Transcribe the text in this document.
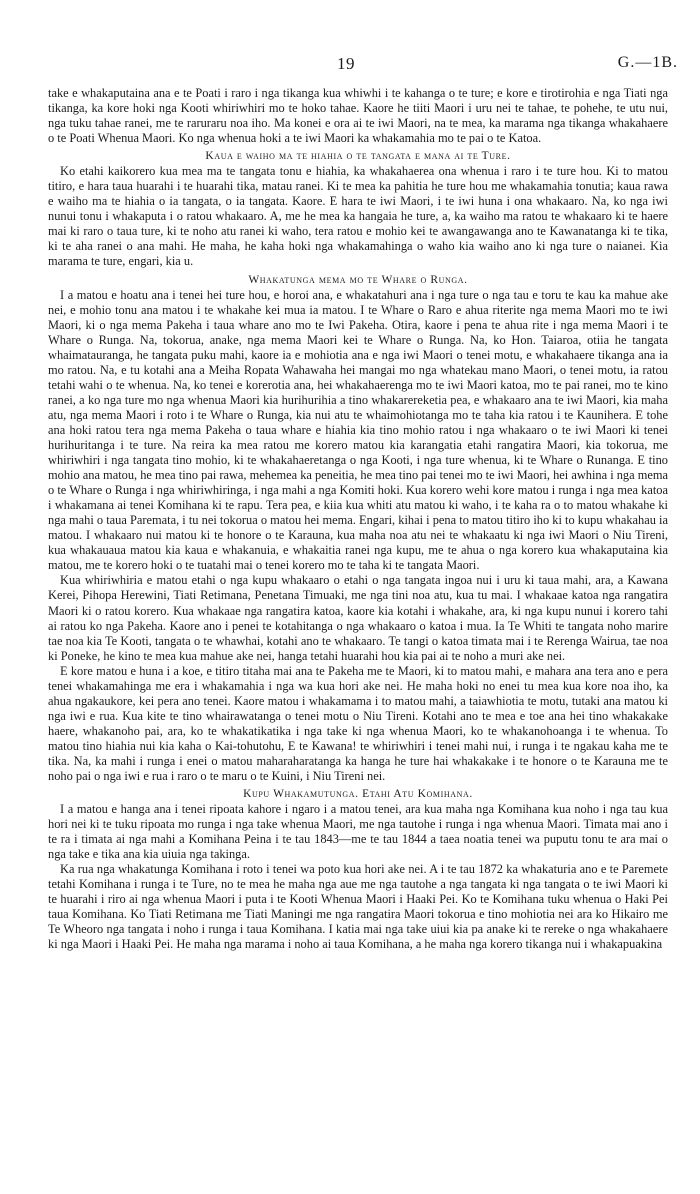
19	G.—1B.

take e whakaputaina ana e te Poati i raro i nga tikanga kua whiwhi i te kahanga o te ture; e kore e tirotirohia e nga Tiati nga tikanga, ka kore hoki nga Kooti whiriwhiri mo te hoko tahae. Kaore he tiiti Maori i uru nei te tahae, te pohehe, te utu nui, nga tuku tahae ranei, me te raruraru noa iho. Ma konei e ora ai te iwi Maori, na te mea, ka marama nga tikanga whakahaere o te Poati Whenua Maori. Ko nga whenua hoki a te iwi Maori ka whakamahia mo te pai o te Katoa.

Kaua e waiho ma te hiahia o te tangata e mana ai te Ture.

Ko etahi kaikorero kua mea ma te tangata tonu e hiahia, ka whakahaerea ona whenua i raro i te ture hou. Ki to matou titiro, e hara taua huarahi i te huarahi tika, matau ranei. Ki te mea ka pahitia he ture hou me whakamahia tonutia; kaua rawa e waiho ma te hiahia o ia tangata, o ia tangata. Kaore. E hara te iwi Maori, i te iwi huna i ona whakaaro. Na, ko nga iwi nunui tonu i whakaputa i o ratou whakaaro. A, me he mea ka hangaia he ture, a, ka waiho ma ratou te whakaaro ki te haere mai ki raro o taua ture, ki te noho atu ranei ki waho, tera ratou e mohio kei te awangawanga ano te Kawanatanga ki te tika, ki te aha ranei o ana mahi. He maha, he kaha hoki nga whakamahinga o waho kia waiho ano ki nga ture o naianei. Kia marama te ture, engari, kia u.

Whakatunga mema mo te Whare o Runga.

I a matou e hoatu ana i tenei hei ture hou, e horoi ana, e whakatahuri ana i nga ture o nga tau e toru te kau ka mahue ake nei, e mohio tonu ana matou i te whakahe kei mua ia matou. I te Whare o Raro e ahua riterite nga mema Maori mo te iwi Maori, ki o nga mema Pakeha i taua whare ano mo te Iwi Pakeha. Otira, kaore i pena te ahua rite i nga mema Maori i te Whare o Runga. Na, tokorua, anake, nga mema Maori kei te Whare o Runga. Na, ko Hon. Taiaroa, otiia he tangata whaimatauranga, he tangata puku mahi, kaore ia e mohiotia ana e nga iwi Maori o tenei motu, e whakahaere tikanga ana ia mo ratou. Na, e tu kotahi ana a Meiha Ropata Wahawaha hei mangai mo nga whatekau mano Maori, o tenei motu, ia ratou tetahi wahi o te whenua. Na, ko tenei e korerotia ana, hei whakahaerenga mo te iwi Maori katoa, mo te pai ranei, mo te kino ranei, a ko nga ture mo nga whenua Maori kia hurihurihia a tino whakarereketia pea, e whakaaro ana te iwi Maori, kia maha atu, nga mema Maori i roto i te Whare o Runga, kia nui atu te whaimohiotanga mo te taha kia ratou i te Kaunihera. E tohe ana hoki ratou tera nga mema Pakeha o taua whare e hiahia kia tino mohio ratou i nga whakaaro o te iwi Maori ki tenei hurihuritanga i te ture. Na reira ka mea ratou me korero matou kia karangatia etahi rangatira Maori, kia tokorua, me whiriwhiri i nga tangata tino mohio, ki te whakahaeretanga o nga Kooti, i nga ture whenua, ki te Whare o Runanga. E tino mohio ana matou, he mea tino pai rawa, mehemea ka peneitia, he mea tino pai tenei mo te iwi Maori, hei awhina i nga mema o te Whare o Runga i nga whiriwhiringa, i nga mahi a nga Komiti hoki. Kua korero wehi kore matou i runga i nga mea katoa i whakamana ai tenei Komihana ki te rapu. Tera pea, e kiia kua whiti atu matou ki waho, i te kaha ra o to matou whakahe ki nga mahi o taua Paremata, i tu nei tokorua o matou hei mema. Engari, kihai i pena to matou titiro iho ki to kupu whakahau ia matou. I whakaaro nui matou ki te honore o te Karauna, kua maha noa atu nei te whakaatu ki nga iwi Maori o Niu Tireni, kua whakauaua matou kia kaua e whakanuia, e whakaitia ranei nga kupu, me te ahua o nga korero kua whakaputaina kia matou, me te korero hoki o te tuatahi mai o tenei korero mo te taha ki te tangata Maori.

Kua whiriwhiria e matou etahi o nga kupu whakaaro o etahi o nga tangata ingoa nui i uru ki taua mahi, ara, a Kawana Kerei, Pihopa Herewini, Tiati Retimana, Penetana Timuaki, me nga tini noa atu, kua tu mai. I whakaae katoa nga rangatira Maori ki o ratou korero. Kua whakaae nga rangatira katoa, kaore kia kotahi i whakahe, ara, ki nga kupu nunui i korero tahi ai ratou ko nga Pakeha. Kaore ano i penei te kotahitanga o nga whakaaro o katoa i mua. Ia Te Whiti te tangata noho marire tae noa kia Te Kooti, tangata o te whawhai, kotahi ano te whakaaro. Te tangi o katoa timata mai i te Rerenga Wairua, tae noa ki Poneke, he kino te mea kua mahue ake nei, hanga tetahi huarahi hou kia pai ai te noho a muri ake nei.

E kore matou e huna i a koe, e titiro titaha mai ana te Pakeha me te Maori, ki to matou mahi, e mahara ana tera ano e pera tenei whakamahinga me era i whakamahia i nga wa kua hori ake nei. He maha hoki no enei tu mea kua kore noa iho, ka ahua ngakaukore, kei pera ano tenei. Kaore matou i whakamama i to matou mahi, a taiawhiotia te motu, tutaki ana matou ki nga iwi e rua. Kua kite te tino whairawatanga o tenei motu o Niu Tireni. Kotahi ano te mea e toe ana hei tino whakakake haere, whakanoho pai, ara, ko te whakatikatika i nga take ki nga whenua Maori, ko te whakanohoanga i te whenua. To matou tino hiahia nui kia kaha o Kai-tohutohu, E te Kawana! te whiriwhiri i tenei mahi nui, i runga i te ngakau kaha me te tika. Na, ka mahi i runga i enei o matou maharaharatanga ka hanga he ture hai whakakake i te honore o te Karauna me te noho pai o nga iwi e rua i raro o te maru o te Kuini, i Niu Tireni nei.

Kupu Whakamutunga. Etahi Atu Komihana.

I a matou e hanga ana i tenei ripoata kahore i ngaro i a matou tenei, ara kua maha nga Komihana kua noho i nga tau kua hori nei ki te tuku ripoata mo runga i nga take whenua Maori, me nga tautohe i runga i nga whenua Maori. Timata mai ano i te ra i timata ai nga mahi a Komihana Peina i te tau 1843—me te tau 1844 a taea noatia tenei wa puputu tonu te ara mai o nga take e tika ana kia uiuia nga takinga.

Ka rua nga whakatunga Komihana i roto i tenei wa poto kua hori ake nei. A i te tau 1872 ka whakaturia ano e te Paremete tetahi Komihana i runga i te Ture, no te mea he maha nga aue me nga tautohe a nga tangata ki nga tangata o te iwi Maori ki te huarahi i riro ai nga whenua Maori i puta i te Kooti Whenua Maori i Haaki Pei. Ko te Komihana tuku whenua o Haki Pei taua Komihana. Ko Tiati Retimana me Tiati Maningi me nga rangatira Maori tokorua e tino mohiotia nei ara ko Hikairo me Te Wheoro nga tangata i noho i runga i taua Komihana. I katia mai nga take uiui kia pa anake ki te rereke o nga whakahaere ki nga Maori i Haaki Pei. He maha nga marama i noho ai taua Komihana, a he maha nga korero tikanga nui i whakapuakina
